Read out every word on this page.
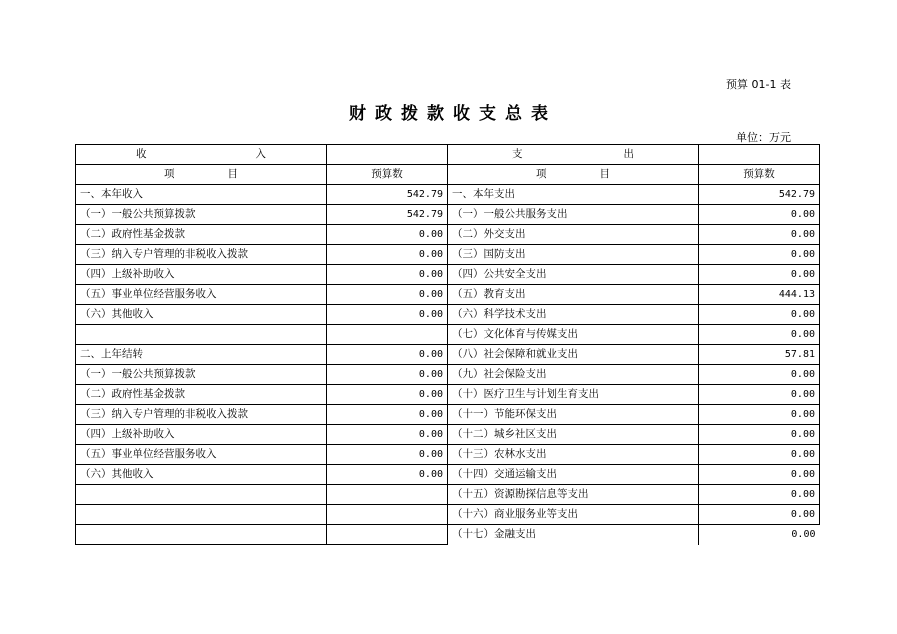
预算 01-1 表
财政拨款收支总表
单位：万元
收 入		支 出	

项 目	预算数	项 目	预算数
一、本年收入	542.79	一、本年支出	542.79
（一）一般公共预算拨款	542.79	（一）一般公共服务支出	0.00
（二）政府性基金拨款	0.00	（二）外交支出	0.00
（三）纳入专户管理的非税收入拨款	0.00	（三）国防支出	0.00
（四）上级补助收入	0.00	（四）公共安全支出	0.00
（五）事业单位经营服务收入	0.00	（五）教育支出	444.13
（六）其他收入	0.00	（六）科学技术支出	0.00
		（七）文化体育与传媒支出	0.00
二、上年结转	0.00	（八）社会保障和就业支出	57.81
（一）一般公共预算拨款	0.00	（九）社会保险支出	0.00
（二）政府性基金拨款	0.00	（十）医疗卫生与计划生育支出	0.00
（三）纳入专户管理的非税收入拨款	0.00	（十一）节能环保支出	0.00
（四）上级补助收入	0.00	（十二）城乡社区支出	0.00
（五）事业单位经营服务收入	0.00	（十三）农林水支出	0.00
（六）其他收入	0.00	（十四）交通运输支出	0.00
		（十五）资源勘探信息等支出	0.00
		（十六）商业服务业等支出	0.00
		（十七）金融支出	0.00
